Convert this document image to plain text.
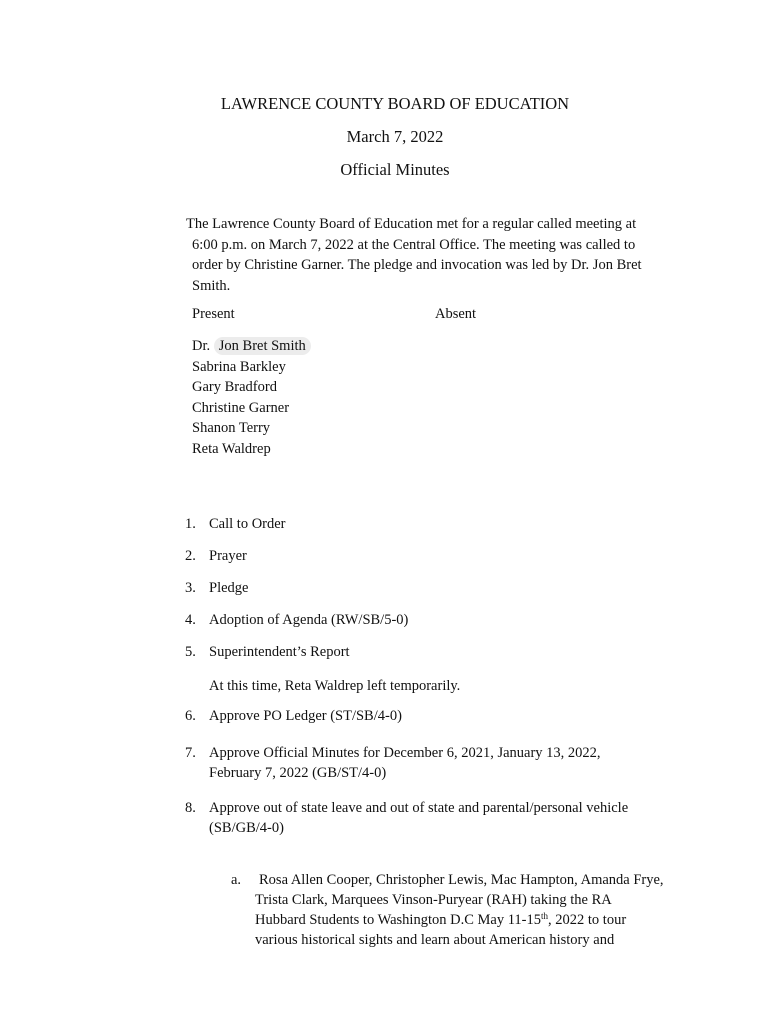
LAWRENCE COUNTY BOARD OF EDUCATION
March 7, 2022
Official Minutes
The Lawrence County Board of Education met for a regular called meeting at
6:00 p.m. on March 7, 2022 at the Central Office. The meeting was called to
order by Christine Garner. The pledge and invocation was led by Dr. Jon Bret
Smith.
Present	Absent
Dr. Jon Bret Smith
Sabrina Barkley
Gary Bradford
Christine Garner
Shanon Terry
Reta Waldrep
1. Call to Order
2. Prayer
3. Pledge
4. Adoption of Agenda (RW/SB/5-0)
5. Superintendent’s Report
At this time, Reta Waldrep left temporarily.
6. Approve PO Ledger (ST/SB/4-0)
7. Approve Official Minutes for December 6, 2021, January 13, 2022,
February 7, 2022 (GB/ST/4-0)
8. Approve out of state leave and out of state and parental/personal vehicle
(SB/GB/4-0)
a. Rosa Allen Cooper, Christopher Lewis, Mac Hampton, Amanda Frye,
Trista Clark, Marquees Vinson-Puryear (RAH) taking the RA
Hubbard Students to Washington D.C May 11-15th, 2022 to tour
various historical sights and learn about American history and
